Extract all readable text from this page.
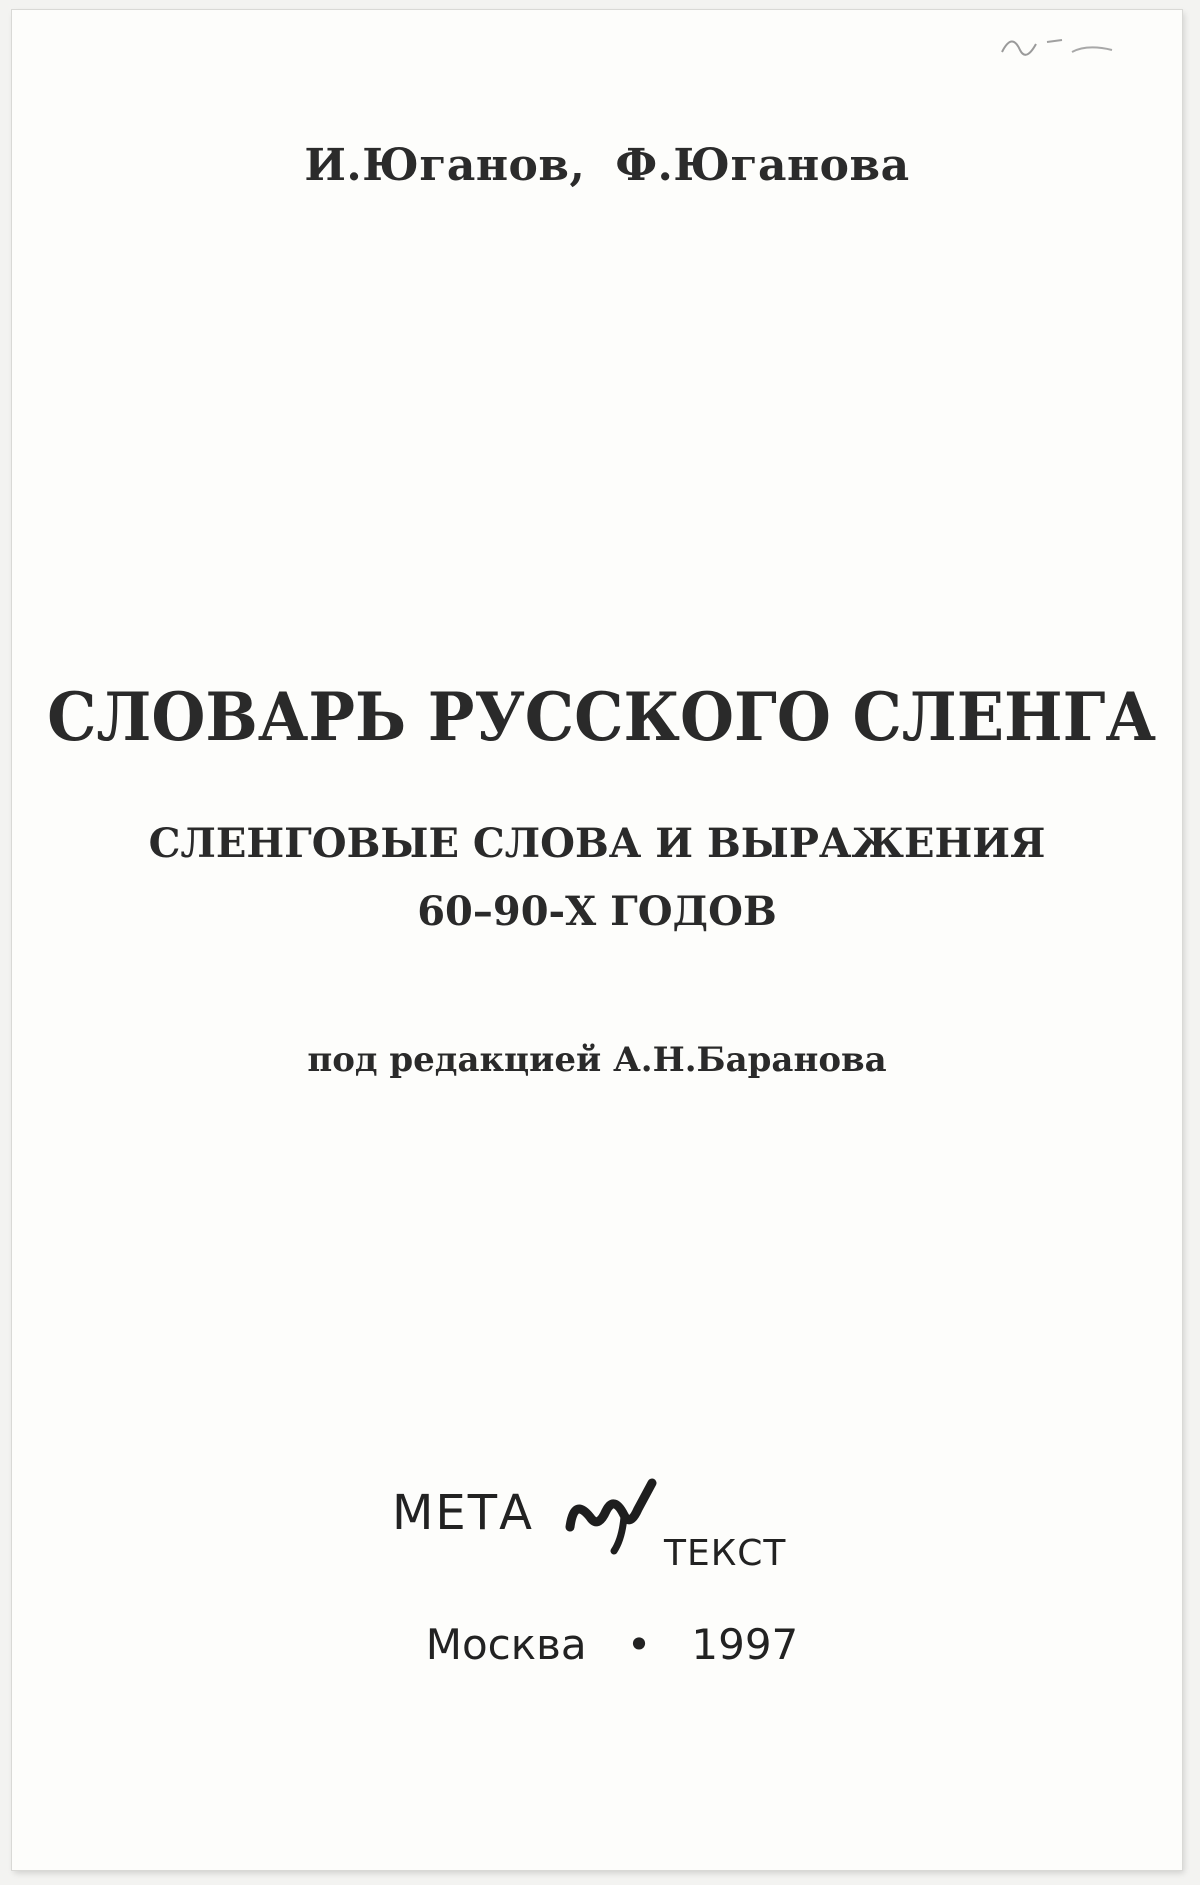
И.Юганов, Ф.Юганова
СЛОВАРЬ РУССКОГО СЛЕНГА
СЛЕНГОВЫЕ СЛОВА И ВЫРАЖЕНИЯ
60–90-Х ГОДОВ
под редакцией А.Н.Баранова
МЕТА
ТЕКСТ
Москва • 1997
